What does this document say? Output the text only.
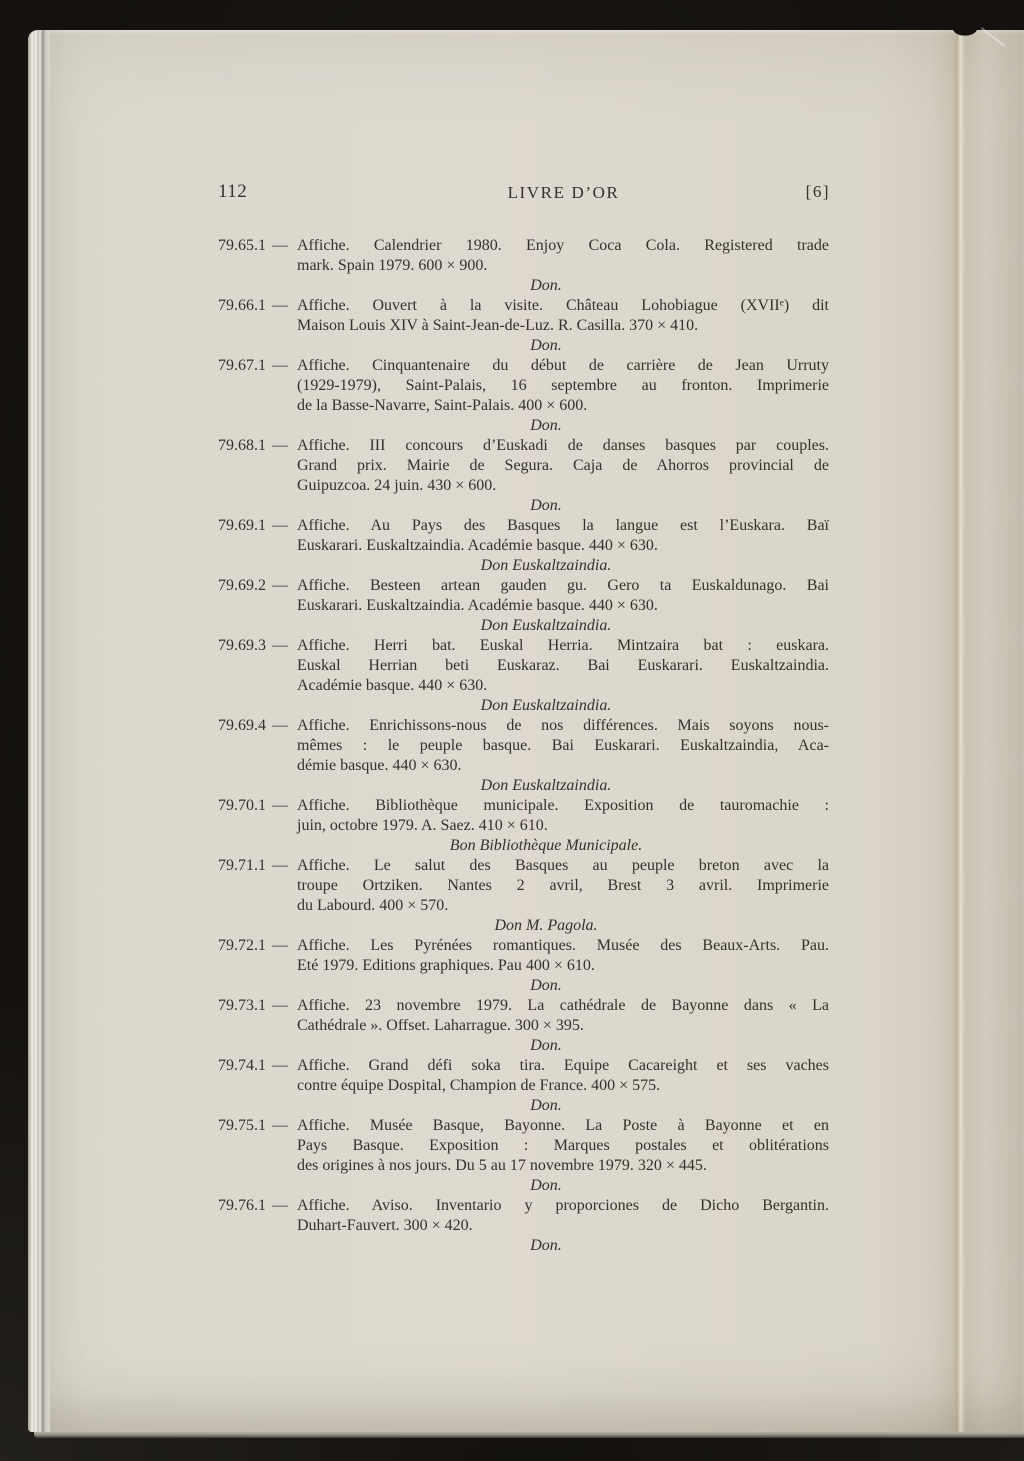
112	LIVRE D’OR	[6]
79.65.1 — Affiche. Calendrier 1980. Enjoy Coca Cola. Registered trade
mark. Spain 1979. 600 × 900.
Don.
79.66.1 — Affiche. Ouvert à la visite. Château Lohobiague (XVIIᵉ) dit
Maison Louis XIV à Saint-Jean-de-Luz. R. Casilla. 370 × 410.
Don.
79.67.1 — Affiche. Cinquantenaire du début de carrière de Jean Urruty
(1929-1979), Saint-Palais, 16 septembre au fronton. Imprimerie
de la Basse-Navarre, Saint-Palais. 400 × 600.
Don.
79.68.1 — Affiche. III concours d’Euskadi de danses basques par couples.
Grand prix. Mairie de Segura. Caja de Ahorros provincial de
Guipuzcoa. 24 juin. 430 × 600.
Don.
79.69.1 — Affiche. Au Pays des Basques la langue est l’Euskara. Baï
Euskarari. Euskaltzaindia. Académie basque. 440 × 630.
Don Euskaltzaindia.
79.69.2 — Affiche. Besteen artean gauden gu. Gero ta Euskaldunago. Bai
Euskarari. Euskaltzaindia. Académie basque. 440 × 630.
Don Euskaltzaindia.
79.69.3 — Affiche. Herri bat. Euskal Herria. Mintzaira bat : euskara.
Euskal Herrian beti Euskaraz. Bai Euskarari. Euskaltzaindia.
Académie basque. 440 × 630.
Don Euskaltzaindia.
79.69.4 — Affiche. Enrichissons-nous de nos différences. Mais soyons nous-
mêmes : le peuple basque. Bai Euskarari. Euskaltzaindia, Aca-
démie basque. 440 × 630.
Don Euskaltzaindia.
79.70.1 — Affiche. Bibliothèque municipale. Exposition de tauromachie :
juin, octobre 1979. A. Saez. 410 × 610.
Bon Bibliothèque Municipale.
79.71.1 — Affiche. Le salut des Basques au peuple breton avec la
troupe Ortziken. Nantes 2 avril, Brest 3 avril. Imprimerie
du Labourd. 400 × 570.
Don M. Pagola.
79.72.1 — Affiche. Les Pyrénées romantiques. Musée des Beaux-Arts. Pau.
Eté 1979. Editions graphiques. Pau 400 × 610.
Don.
79.73.1 — Affiche. 23 novembre 1979. La cathédrale de Bayonne dans « La
Cathédrale ». Offset. Laharrague. 300 × 395.
Don.
79.74.1 — Affiche. Grand défi soka tira. Equipe Cacareight et ses vaches
contre équipe Dospital, Champion de France. 400 × 575.
Don.
79.75.1 — Affiche. Musée Basque, Bayonne. La Poste à Bayonne et en
Pays Basque. Exposition : Marques postales et oblitérations
des origines à nos jours. Du 5 au 17 novembre 1979. 320 × 445.
Don.
79.76.1 — Affiche. Aviso. Inventario y proporciones de Dicho Bergantin.
Duhart-Fauvert. 300 × 420.
Don.
